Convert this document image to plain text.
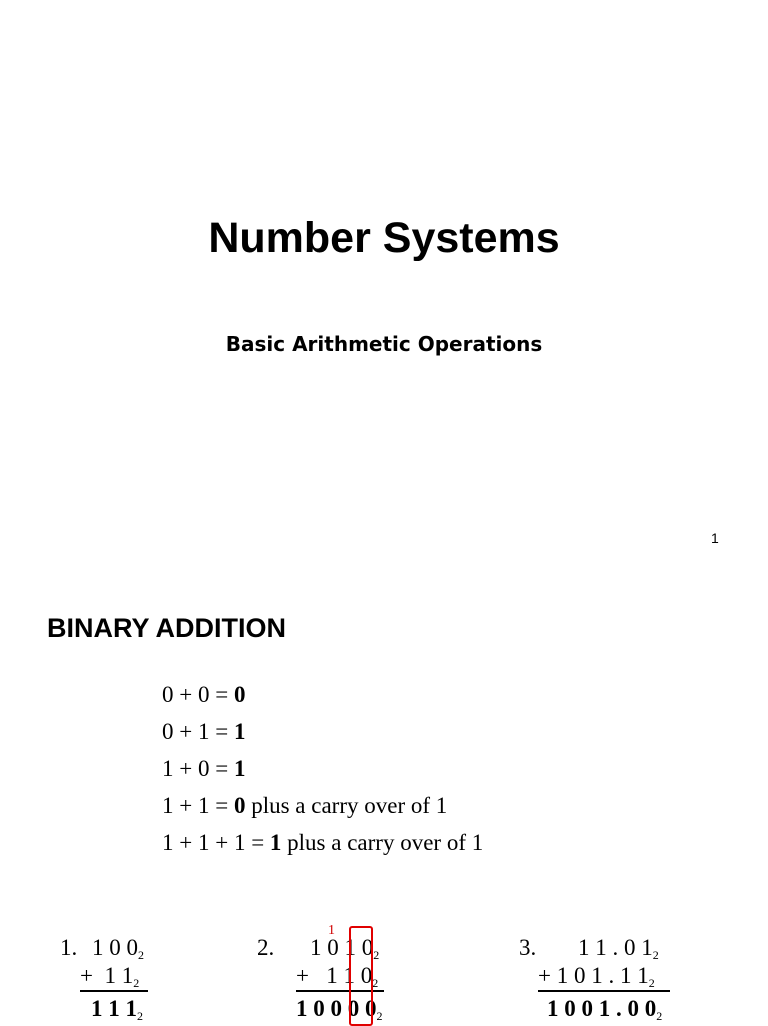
Number Systems
Basic Arithmetic Operations
1
BINARY ADDITION
0 + 0 = 0
0 + 1 = 1
1 + 0 = 1
1 + 1 = 0 plus a carry over of 1
1 + 1 + 1 = 1 plus a carry over of 1

1.

1 0 $0_2$

+  1 $1_2$

1 1 $1_2$

2.

1

1 0 1 $0_2$

+   1 1 $0_2$

1 0 0 0 $0_2$

3.

1 1 . 0 $1_2$

+ 1 0 1 . 1 $1_2$

1 0 0 1 . 0 $0_2$
